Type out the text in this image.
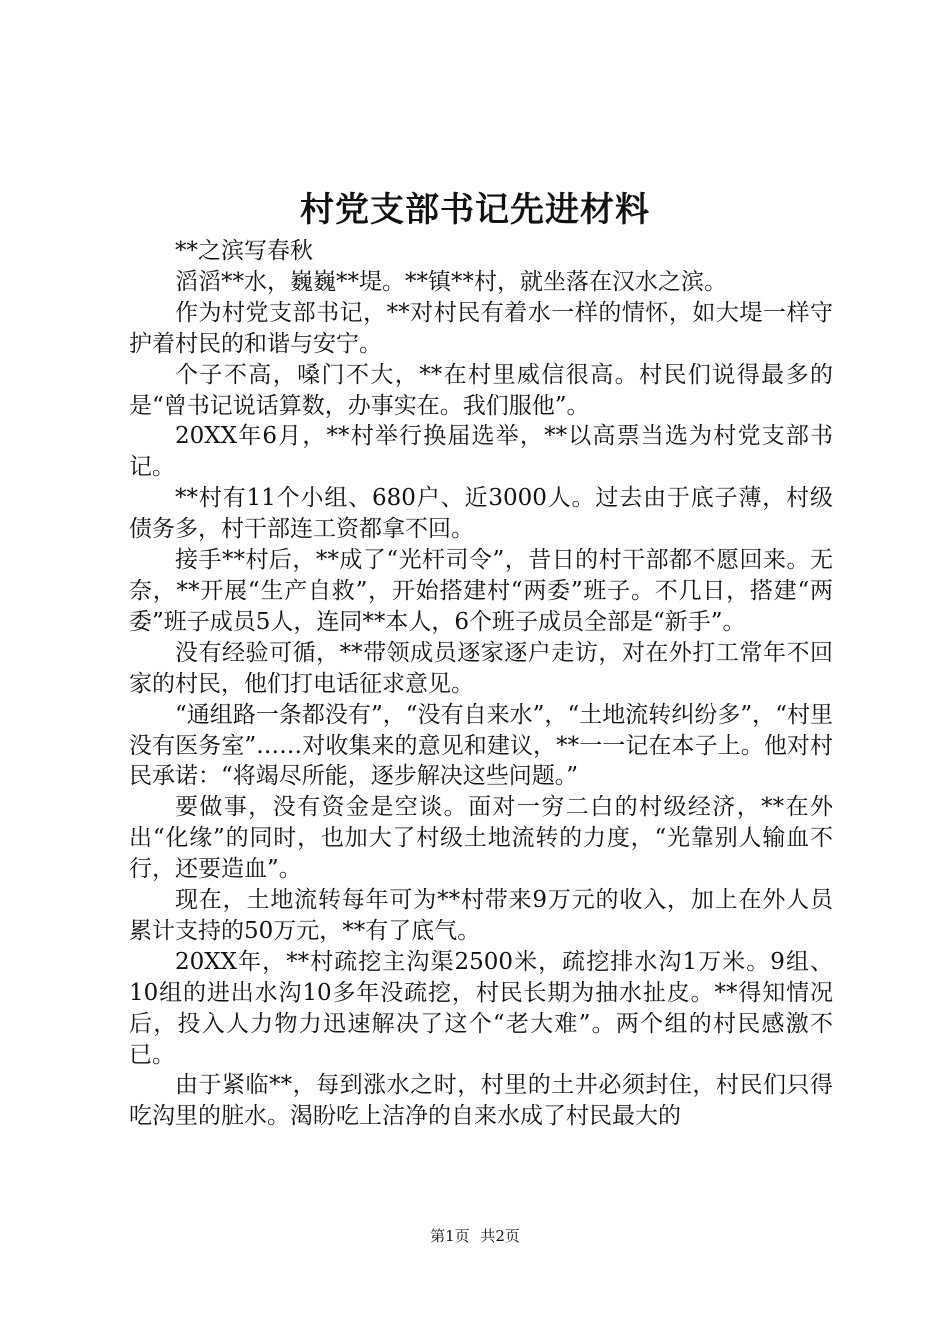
村党支部书记先进材料

**之滨写春秋

滔滔**水，巍巍**堤。**镇**村，就坐落在汉水之滨。

作为村党支部书记，**对村民有着水一样的情怀，如大堤一样守护着村民的和谐与安宁。

个子不高，嗓门不大，**在村里威信很高。村民们说得最多的是“曾书记说话算数，办事实在。我们服他”。

20XX年6月，**村举行换届选举，**以高票当选为村党支部书记。

**村有11个小组、680户、近3000人。过去由于底子薄，村级债务多，村干部连工资都拿不回。

接手**村后，**成了“光杆司令”，昔日的村干部都不愿回来。无奈，**开展“生产自救”，开始搭建村“两委”班子。不几日，搭建“两委”班子成员5人，连同**本人，6个班子成员全部是“新手”。

没有经验可循，**带领成员逐家逐户走访，对在外打工常年不回家的村民，他们打电话征求意见。

“通组路一条都没有”，“没有自来水”，“土地流转纠纷多”，“村里没有医务室”……对收集来的意见和建议，**一一记在本子上。他对村民承诺：“将竭尽所能，逐步解决这些问题。”

要做事，没有资金是空谈。面对一穷二白的村级经济，**在外出“化缘”的同时，也加大了村级土地流转的力度，“光靠别人输血不行，还要造血”。

现在，土地流转每年可为**村带来9万元的收入，加上在外人员累计支持的50万元，**有了底气。

20XX年，**村疏挖主沟渠2500米，疏挖排水沟1万米。9组、10组的进出水沟10多年没疏挖，村民长期为抽水扯皮。**得知情况后，投入人力物力迅速解决了这个“老大难”。两个组的村民感激不已。

由于紧临**，每到涨水之时，村里的土井必须封住，村民们只得吃沟里的脏水。渴盼吃上洁净的自来水成了村民最大的

第1页 共2页
